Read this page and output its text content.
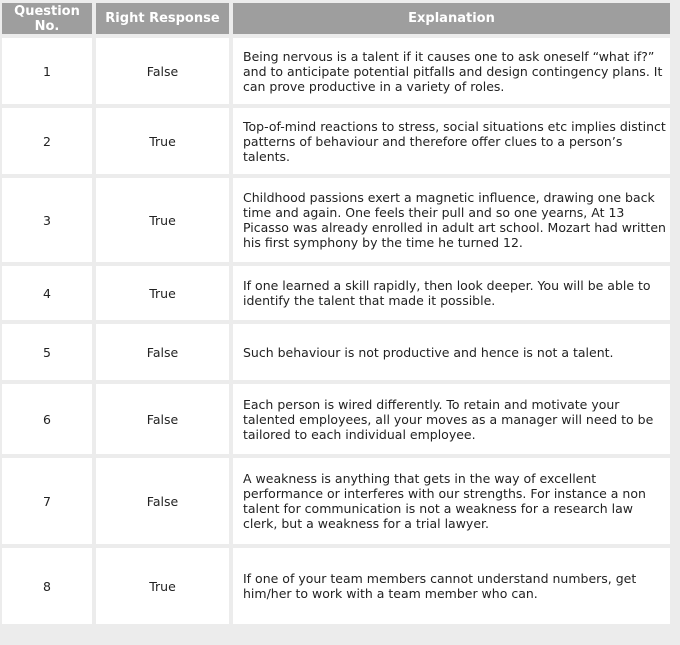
Question No.	Right Response	Explanation
1	False	Being nervous is a talent if it causes one to ask oneself “what if?” and to anticipate potential pitfalls and design contingency plans. It can prove productive in a variety of roles.
2	True	Top-of-mind reactions to stress, social situations etc implies distinct patterns of behaviour and therefore offer clues to a person’s talents.
3	True	Childhood passions exert a magnetic influence, drawing one back time and again. One feels their pull and so one yearns, At 13 Picasso was already enrolled in adult art school. Mozart had written his first symphony by the time he turned 12.
4	True	If one learned a skill rapidly, then look deeper. You will be able to identify the talent that made it possible.
5	False	Such behaviour is not productive and hence is not a talent.
6	False	Each person is wired differently. To retain and motivate your talented employees, all your moves as a manager will need to be tailored to each individual employee.
7	False	A weakness is anything that gets in the way of excellent performance or interferes with our strengths. For instance a non talent for communication is not a weakness for a research law clerk, but a weakness for a trial lawyer.
8	True	If one of your team members cannot understand numbers, get him/her to work with a team member who can.
